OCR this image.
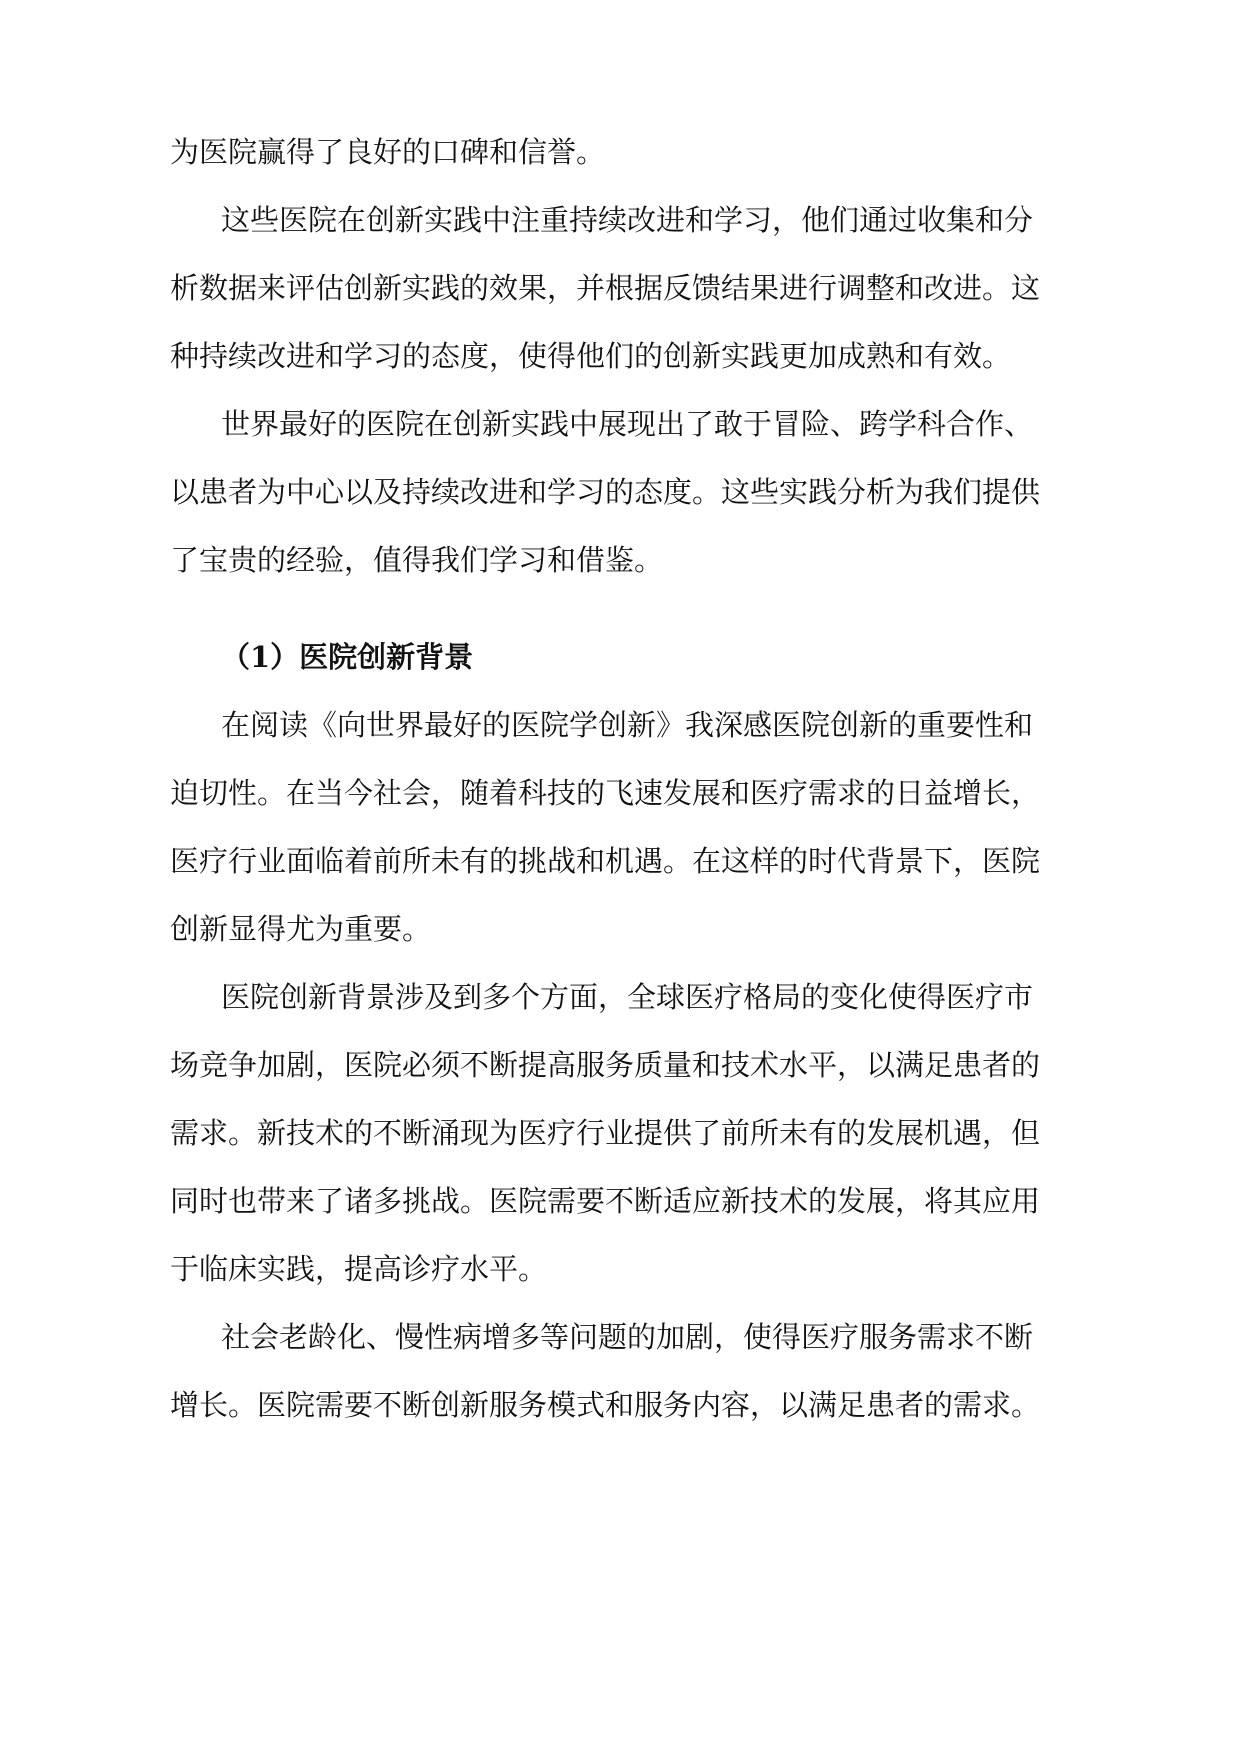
为医院赢得了良好的口碑和信誉。
这些医院在创新实践中注重持续改进和学习，他们通过收集和分
析数据来评估创新实践的效果，并根据反馈结果进行调整和改进。这
种持续改进和学习的态度，使得他们的创新实践更加成熟和有效。
世界最好的医院在创新实践中展现出了敢于冒险、跨学科合作、
以患者为中心以及持续改进和学习的态度。这些实践分析为我们提供
了宝贵的经验，值得我们学习和借鉴。
（1）医院创新背景
在阅读《向世界最好的医院学创新》我深感医院创新的重要性和
迫切性。在当今社会，随着科技的飞速发展和医疗需求的日益增长，
医疗行业面临着前所未有的挑战和机遇。在这样的时代背景下，医院
创新显得尤为重要。
医院创新背景涉及到多个方面，全球医疗格局的变化使得医疗市
场竞争加剧，医院必须不断提高服务质量和技术水平，以满足患者的
需求。新技术的不断涌现为医疗行业提供了前所未有的发展机遇，但
同时也带来了诸多挑战。医院需要不断适应新技术的发展，将其应用
于临床实践，提高诊疗水平。
社会老龄化、慢性病增多等问题的加剧，使得医疗服务需求不断
增长。医院需要不断创新服务模式和服务内容，以满足患者的需求。
